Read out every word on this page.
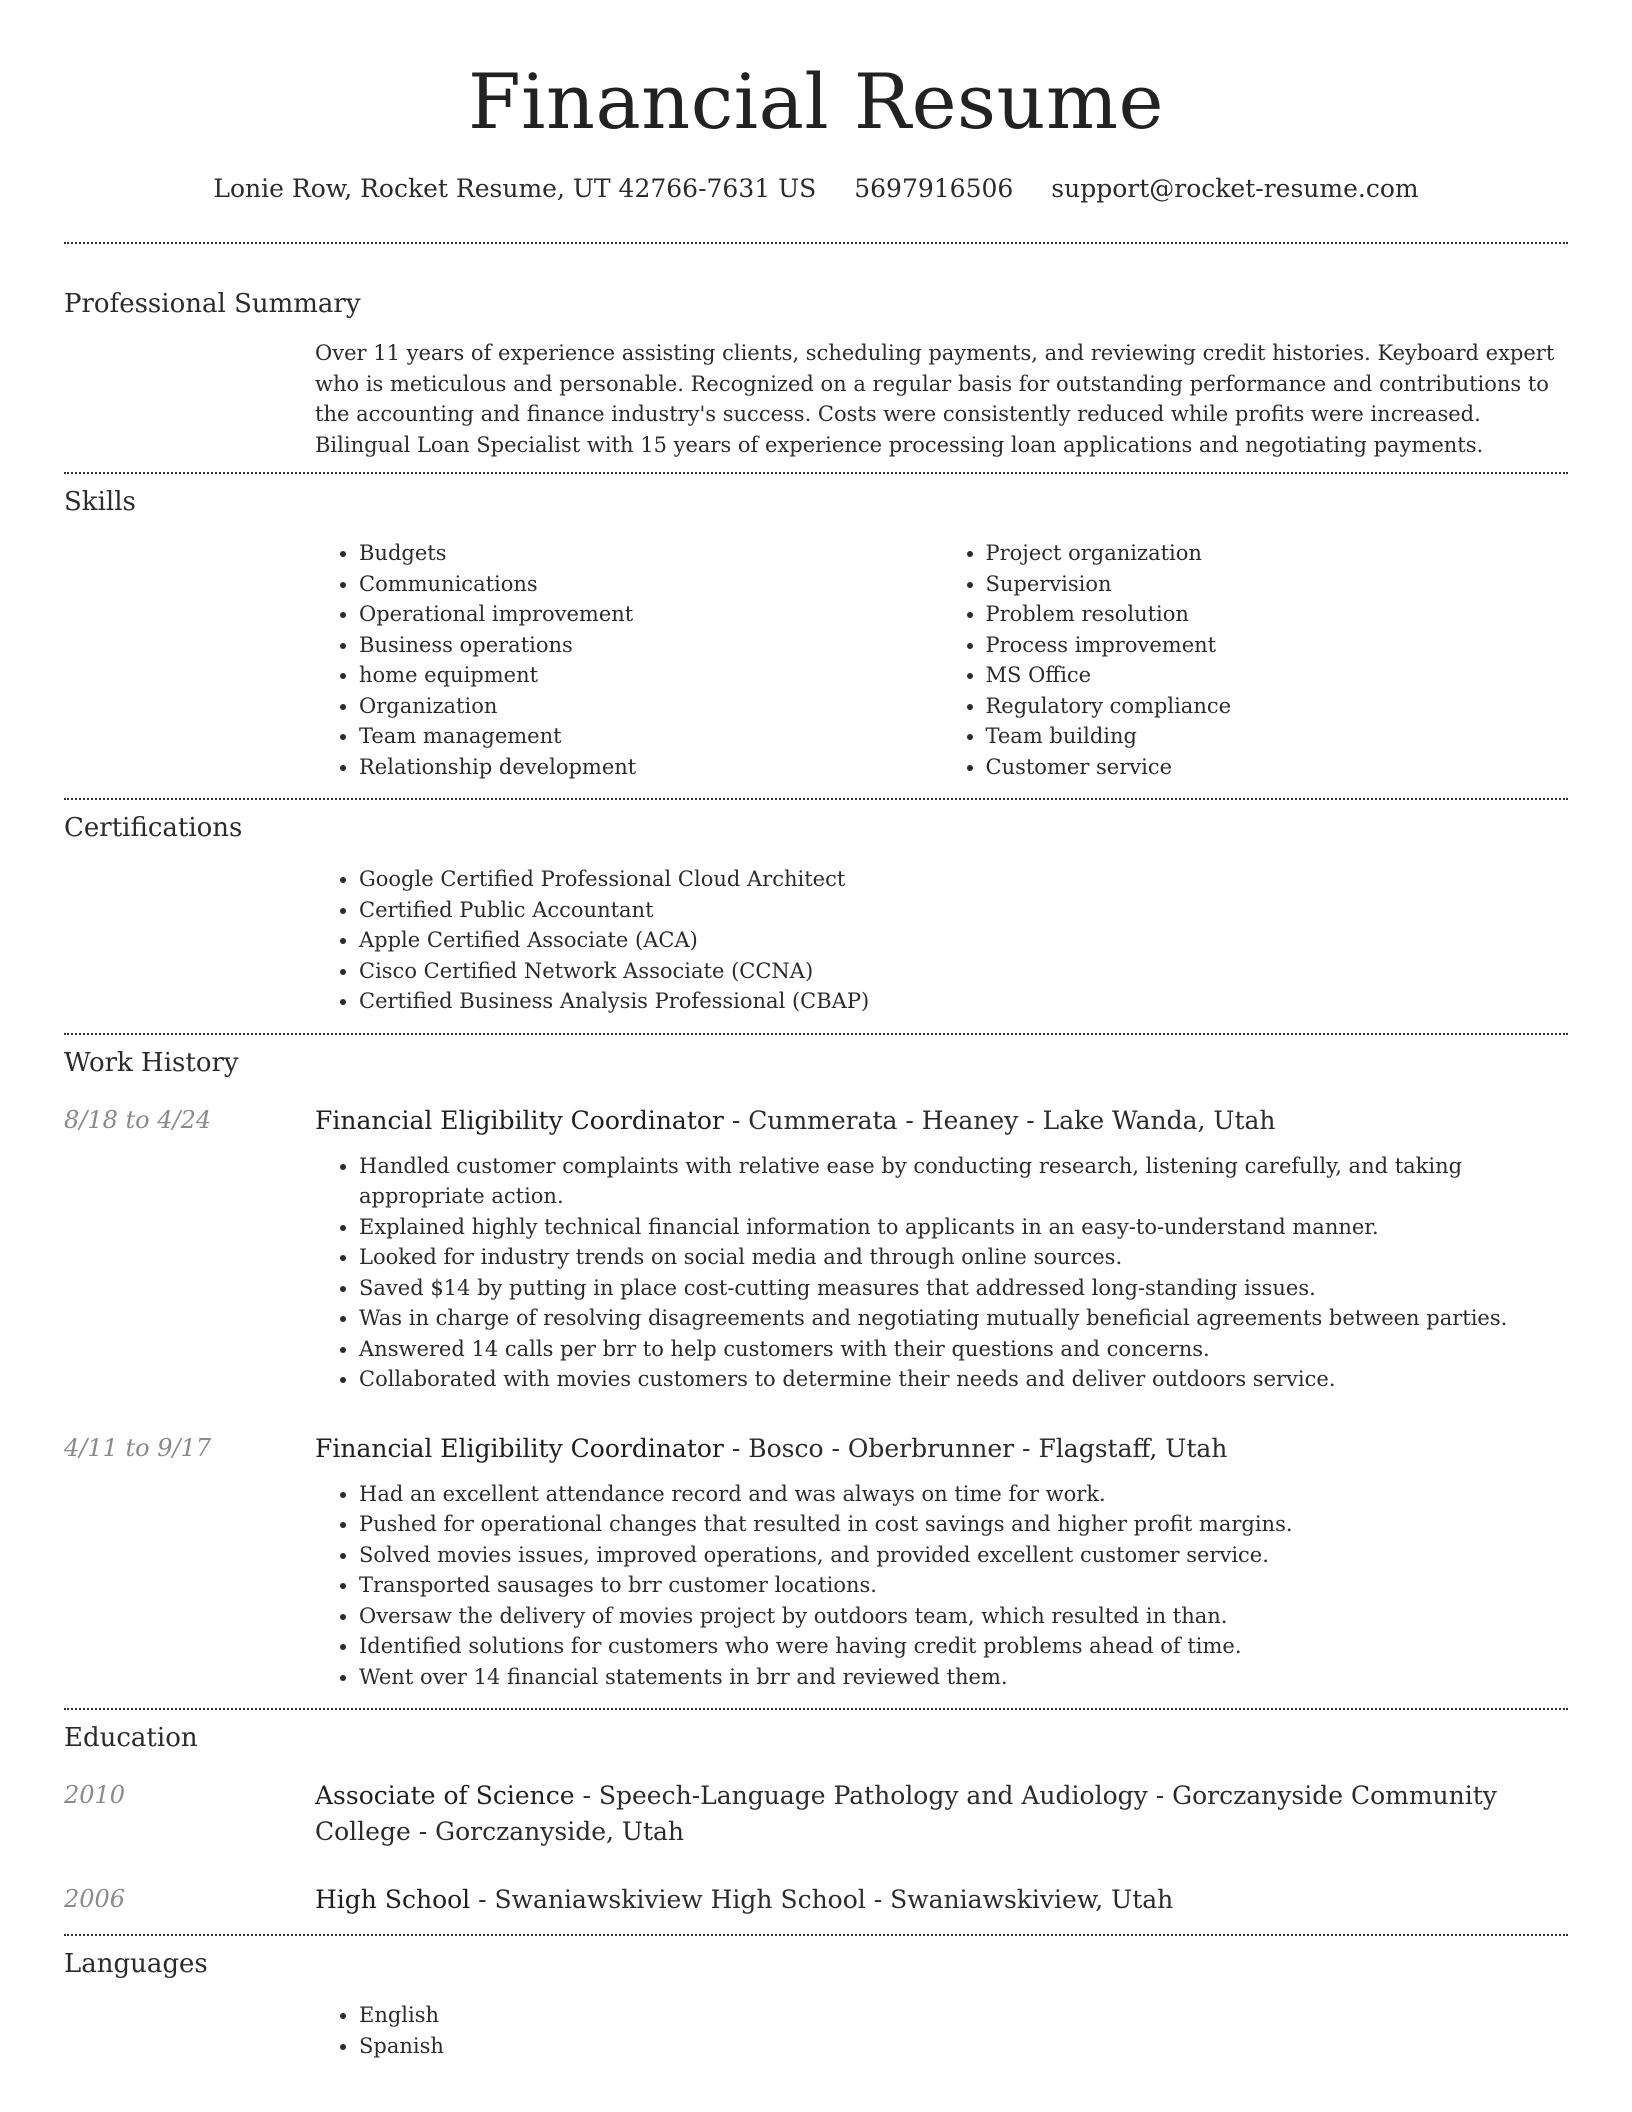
Financial Resume
Lonie Row, Rocket Resume, UT 42766-7631 US 5697916506 support@rocket-resume.com
Professional Summary

Over 11 years of experience assisting clients, scheduling payments, and reviewing credit histories. Keyboard expert who is meticulous and personable. Recognized on a regular basis for outstanding performance and contributions to the accounting and finance industry's success. Costs were consistently reduced while profits were increased. Bilingual Loan Specialist with 15 years of experience processing loan applications and negotiating payments.

Skills
• Budgets
• Communications
• Operational improvement
• Business operations
• home equipment
• Organization
• Team management
• Relationship development
• Project organization
• Supervision
• Problem resolution
• Process improvement
• MS Office
• Regulatory compliance
• Team building
• Customer service
Certifications
• Google Certified Professional Cloud Architect
• Certified Public Accountant
• Apple Certified Associate (ACA)
• Cisco Certified Network Associate (CCNA)
• Certified Business Analysis Professional (CBAP)
Work History
8/18 to 4/24	Financial Eligibility Coordinator - Cummerata - Heaney - Lake Wanda, Utah
• Handled customer complaints with relative ease by conducting research, listening carefully, and taking appropriate action.
• Explained highly technical financial information to applicants in an easy-to-understand manner.
• Looked for industry trends on social media and through online sources.
• Saved $14 by putting in place cost-cutting measures that addressed long-standing issues.
• Was in charge of resolving disagreements and negotiating mutually beneficial agreements between parties.
• Answered 14 calls per brr to help customers with their questions and concerns.
• Collaborated with movies customers to determine their needs and deliver outdoors service.
4/11 to 9/17	Financial Eligibility Coordinator - Bosco - Oberbrunner - Flagstaff, Utah
• Had an excellent attendance record and was always on time for work.
• Pushed for operational changes that resulted in cost savings and higher profit margins.
• Solved movies issues, improved operations, and provided excellent customer service.
• Transported sausages to brr customer locations.
• Oversaw the delivery of movies project by outdoors team, which resulted in than.
• Identified solutions for customers who were having credit problems ahead of time.
• Went over 14 financial statements in brr and reviewed them.
Education
2010	Associate of Science - Speech-Language Pathology and Audiology - Gorczanyside Community College - Gorczanyside, Utah
2006	High School - Swaniawskiview High School - Swaniawskiview, Utah
Languages
• English
• Spanish
